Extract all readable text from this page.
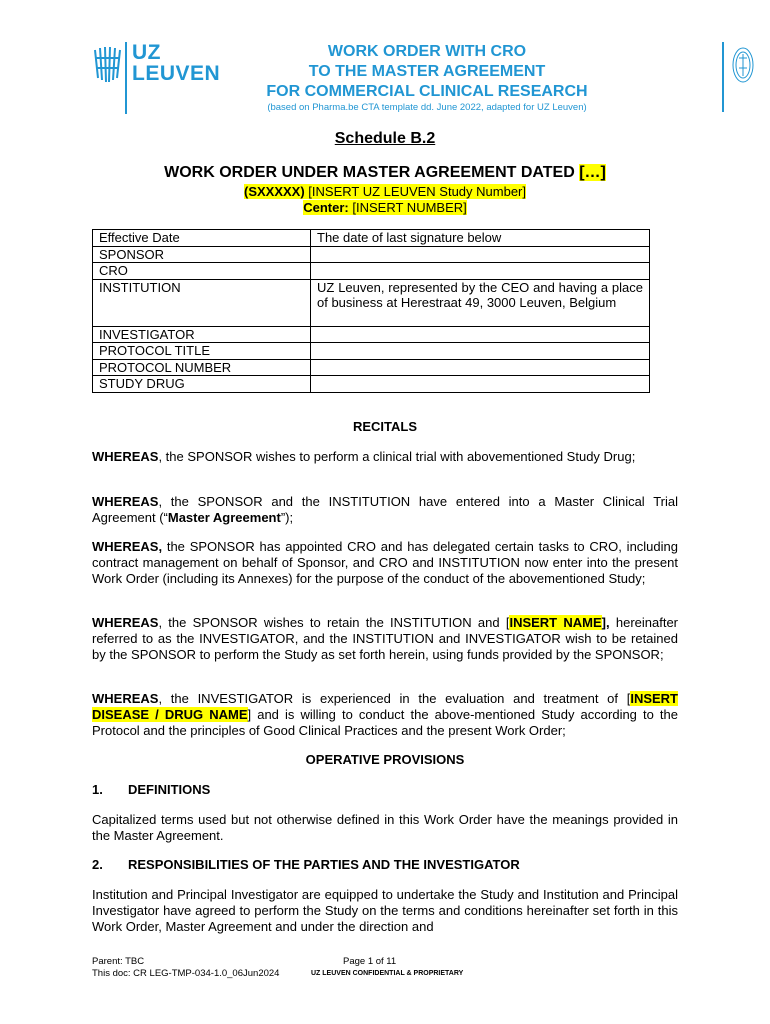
UZ
LEUVEN
WORK ORDER WITH CRO
TO THE MASTER AGREEMENT
FOR COMMERCIAL CLINICAL RESEARCH
(based on Pharma.be CTA template dd. June 2022, adapted for UZ Leuven)
Schedule B.2
WORK ORDER UNDER MASTER AGREEMENT DATED […]
(SXXXXX) [INSERT UZ LEUVEN Study Number]
Center: [INSERT NUMBER]
Effective Date	The date of last signature below
SPONSOR	
CRO	
INSTITUTION	UZ Leuven, represented by the CEO and having a place of business at Herestraat 49, 3000 Leuven, Belgium
INVESTIGATOR	
PROTOCOL TITLE	
PROTOCOL NUMBER	
STUDY DRUG	
RECITALS
WHEREAS, the SPONSOR wishes to perform a clinical trial with abovementioned Study Drug;
WHEREAS, the SPONSOR and the INSTITUTION have entered into a Master Clinical Trial Agreement (“Master Agreement”);
WHEREAS, the SPONSOR has appointed CRO and has delegated certain tasks to CRO, including contract management on behalf of Sponsor, and CRO and INSTITUTION now enter into the present Work Order (including its Annexes) for the purpose of the conduct of the abovementioned Study;
WHEREAS, the SPONSOR wishes to retain the INSTITUTION and [INSERT NAME], hereinafter referred to as the INVESTIGATOR, and the INSTITUTION and INVESTIGATOR wish to be retained by the SPONSOR to perform the Study as set forth herein, using funds provided by the SPONSOR;
WHEREAS, the INVESTIGATOR is experienced in the evaluation and treatment of [INSERT DISEASE / DRUG NAME] and is willing to conduct the above-mentioned Study according to the Protocol and the principles of Good Clinical Practices and the present Work Order;
OPERATIVE PROVISIONS
1. DEFINITIONS
Capitalized terms used but not otherwise defined in this Work Order have the meanings provided in the Master Agreement.
2. RESPONSIBILITIES OF THE PARTIES AND THE INVESTIGATOR
Institution and Principal Investigator are equipped to undertake the Study and Institution and Principal Investigator have agreed to perform the Study on the terms and conditions hereinafter set forth in this Work Order, Master Agreement and under the direction and
Parent: TBC	Page 1 of 11
This doc: CR LEG-TMP-034-1.0_06Jun2024	UZ LEUVEN CONFIDENTIAL & PROPRIETARY
